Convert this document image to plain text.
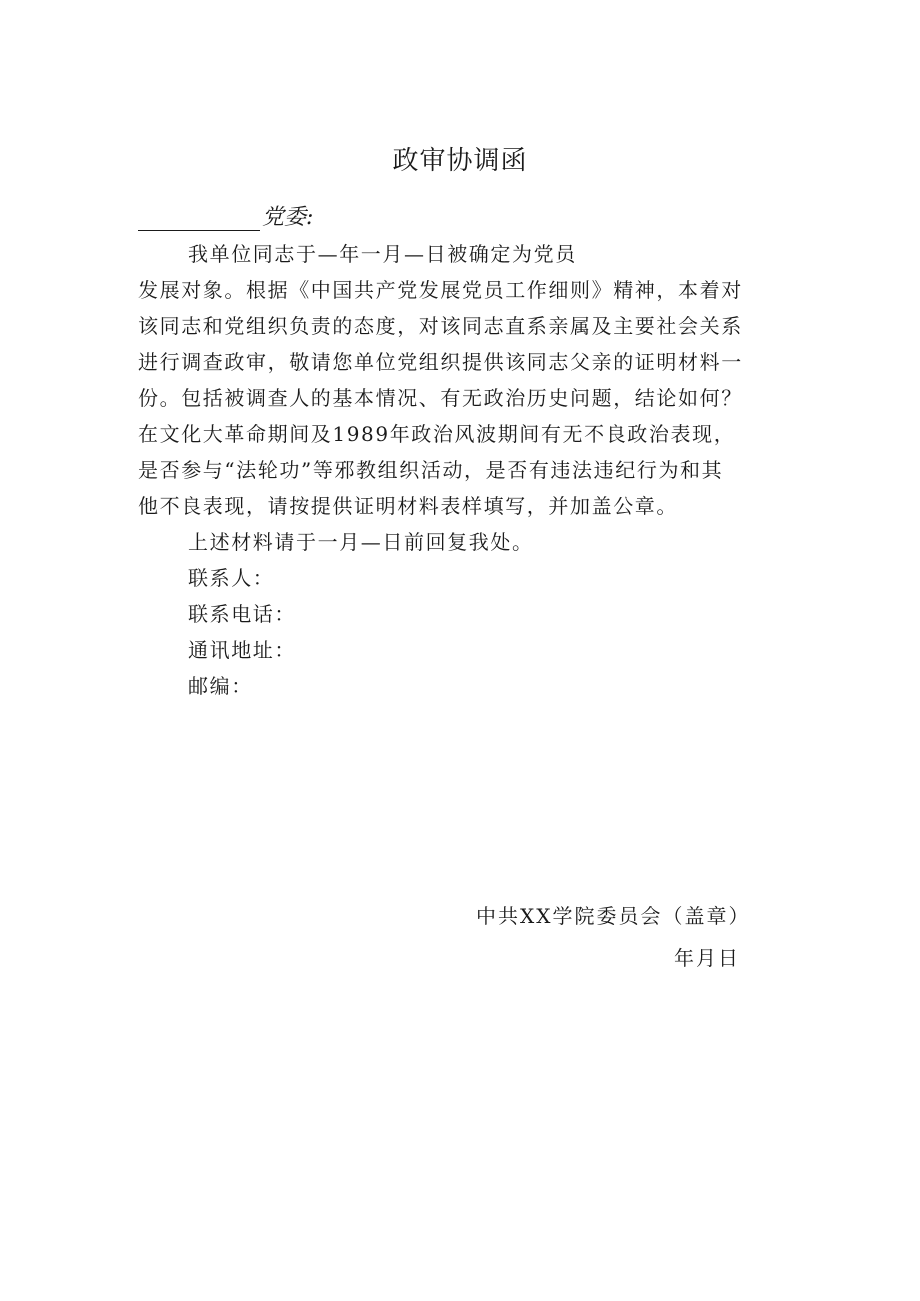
政审协调函
党委:
我单位同志于—年一月—日被确定为党员
发展对象。根据《中国共产党发展党员工作细则》精神，本着对
该同志和党组织负责的态度，对该同志直系亲属及主要社会关系
进行调查政审，敬请您单位党组织提供该同志父亲的证明材料一
份。包括被调查人的基本情况、有无政治历史问题，结论如何？
在文化大革命期间及1989年政治风波期间有无不良政治表现，
是否参与“法轮功”等邪教组织活动，是否有违法违纪行为和其
他不良表现，请按提供证明材料表样填写，并加盖公章。
上述材料请于一月—日前回复我处。
联系人：
联系电话：
通讯地址：
邮编：
中共XX学院委员会（盖章）
年月日
